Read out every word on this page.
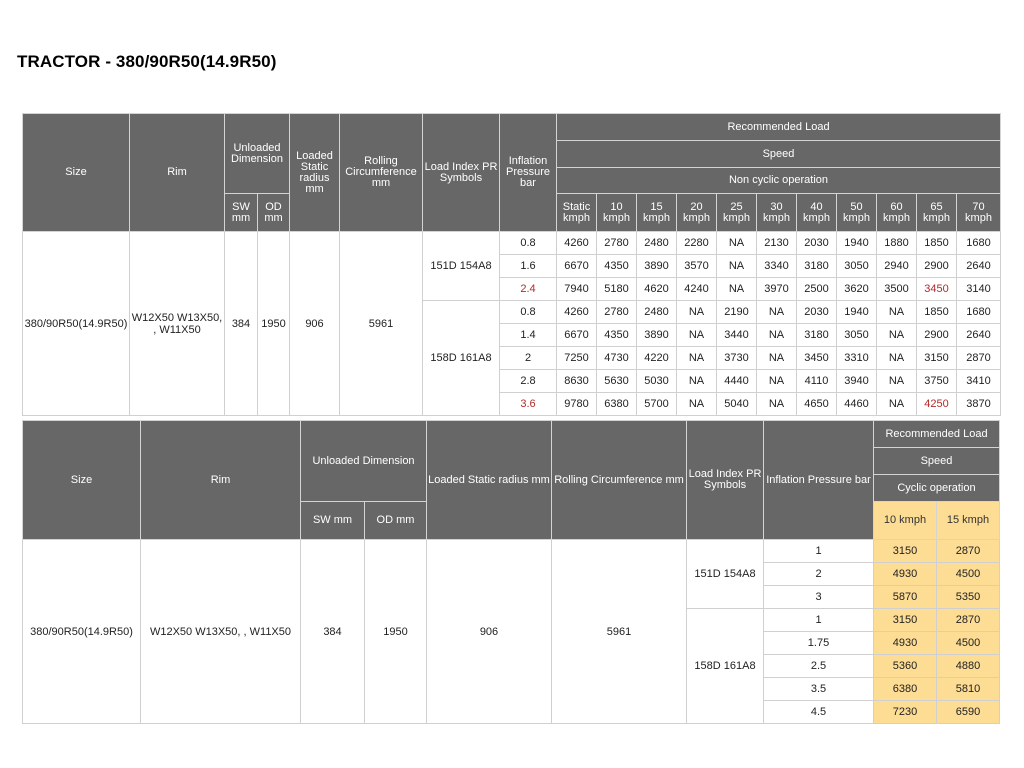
TRACTOR - 380/90R50(14.9R50)
Size	Rim	Unloaded Dimension		Loaded Static radius mm	Rolling Circumference mm	Load Index PR Symbols	Inflation Pressure bar	Recommended Load										
								Speed										
								Non cyclic operation										
		SW mm	OD mm					Static kmph	10 kmph	15 kmph	20 kmph	25 kmph	30 kmph	40 kmph	50 kmph	60 kmph	65 kmph	70 kmph
380/90R50(14.9R50)	W12X50 W13X50, , W11X50	384	1950	906	5961	151D 154A8	0.8	4260	2780	2480	2280	NA	2130	2030	1940	1880	1850	1680
							1.6	6670	4350	3890	3570	NA	3340	3180	3050	2940	2900	2640
							2.4	7940	5180	4620	4240	NA	3970	2500	3620	3500	3450	3140
						158D 161A8	0.8	4260	2780	2480	NA	2190	NA	2030	1940	NA	1850	1680
							1.4	6670	4350	3890	NA	3440	NA	3180	3050	NA	2900	2640
							2	7250	4730	4220	NA	3730	NA	3450	3310	NA	3150	2870
							2.8	8630	5630	5030	NA	4440	NA	4110	3940	NA	3750	3410
							3.6	9780	6380	5700	NA	5040	NA	4650	4460	NA	4250	3870
Size	Rim	Unloaded Dimension		Loaded Static radius mm	Rolling Circumference mm	Load Index PR Symbols	Inflation Pressure bar	Recommended Load	
								Speed	
								Cyclic operation	
		SW mm	OD mm					10 kmph	15 kmph
380/90R50(14.9R50)	W12X50 W13X50, , W11X50	384	1950	906	5961	151D 154A8	1	3150	2870
							2	4930	4500
							3	5870	5350
						158D 161A8	1	3150	2870
							1.75	4930	4500
							2.5	5360	4880
							3.5	6380	5810
							4.5	7230	6590
